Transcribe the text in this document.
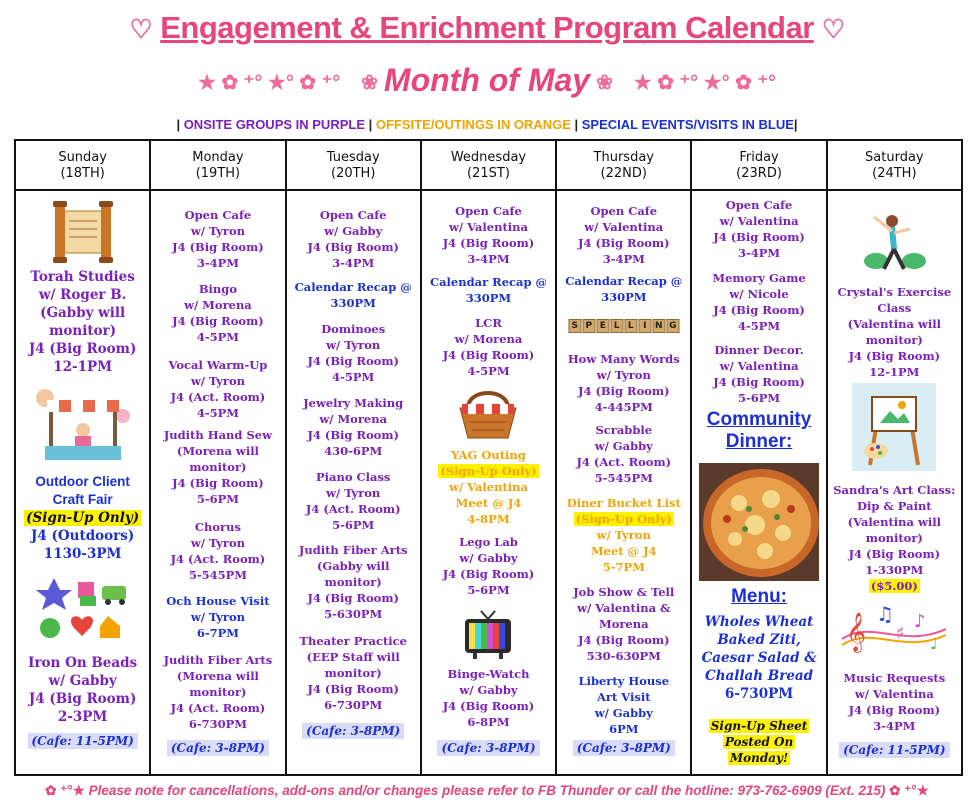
♡ Engagement & Enrichment Program Calendar ♡
★ ✿ ⁺° ★° ✿ ⁺° ❀ Month of May ❀ ★ ✿ ⁺° ★° ✿ ⁺°
| ONSITE GROUPS IN PURPLE | OFFSITE/OUTINGS IN ORANGE | SPECIAL EVENTS/VISITS IN BLUE|
Sunday
(18TH)
Torah Studies
w/ Roger B.
(Gabby will
monitor)
J4 (Big Room)
12-1PM
Outdoor Client
Craft Fair
(Sign-Up Only)
J4 (Outdoors)
1130-3PM
Iron On Beads
w/ Gabby
J4 (Big Room)
2-3PM
(Cafe: 11-5PM)
Monday
(19TH)
Open Cafe
w/ Tyron
J4 (Big Room)
3-4PM
Bingo
w/ Morena
J4 (Big Room)
4-5PM
Vocal Warm-Up
w/ Tyron
J4 (Act. Room)
4-5PM
Judith Hand Sew
(Morena will
monitor)
J4 (Big Room)
5-6PM
Chorus
w/ Tyron
J4 (Act. Room)
5-545PM
Och House Visit
w/ Tyron
6-7PM
Judith Fiber Arts
(Morena will
monitor)
J4 (Act. Room)
6-730PM
(Cafe: 3-8PM)
Tuesday
(20TH)
Open Cafe
w/ Gabby
J4 (Big Room)
3-4PM
Calendar Recap @
330PM
Dominoes
w/ Tyron
J4 (Big Room)
4-5PM
Jewelry Making
w/ Morena
J4 (Big Room)
430-6PM
Piano Class
w/ Tyron
J4 (Act. Room)
5-6PM
Judith Fiber Arts
(Gabby will
monitor)
J4 (Big Room)
5-630PM
Theater Practice
(EEP Staff will
monitor)
J4 (Big Room)
6-730PM
(Cafe: 3-8PM)
Wednesday
(21ST)
Open Cafe
w/ Valentina
J4 (Big Room)
3-4PM
Calendar Recap @
330PM
LCR
w/ Morena
J4 (Big Room)
4-5PM
YAG Outing
(Sign-Up Only)
w/ Valentina
Meet @ J4
4-8PM
Lego Lab
w/ Gabby
J4 (Big Room)
5-6PM
Binge-Watch
w/ Gabby
J4 (Big Room)
6-8PM
(Cafe: 3-8PM)
Thursday
(22ND)
Open Cafe
w/ Valentina
J4 (Big Room)
3-4PM
Calendar Recap @
330PM
S P E L L	I N G
How Many Words
w/ Tyron
J4 (Big Room)
4-445PM
Scrabble
w/ Gabby
J4 (Act. Room)
5-545PM
Diner Bucket List
(Sign-Up Only)
w/ Tyron
Meet @ J4
5-7PM
Job Show & Tell
w/ Valentina &
Morena
J4 (Big Room)
530-630PM
Liberty House
Art Visit
w/ Gabby
6PM
(Cafe: 3-8PM)
Friday
(23RD)
Open Cafe
w/ Valentina
J4 (Big Room)
3-4PM
Memory Game
w/ Nicole
J4 (Big Room)
4-5PM
Dinner Decor.
w/ Valentina
J4 (Big Room)
5-6PM
Community
Dinner:
Menu:
Wholes Wheat
Baked Ziti,
Caesar Salad &
Challah Bread
6-730PM
Sign-Up Sheet
Posted On
Monday!
Saturday
(24TH)
Crystal's Exercise
Class
(Valentina will
monitor)
J4 (Big Room)
12-1PM
Sandra's Art Class:
Dip & Paint
(Valentina will
monitor)
J4 (Big Room)
1-330PM
($5.00)
𝄞 ♫
♯
♪
♩
Music Requests
w/ Valentina
J4 (Big Room)
3-4PM
(Cafe: 11-5PM)
✿ ⁺°★ Please note for cancellations, add-ons and/or changes please refer to FB Thunder or call the hotline: 973-762-6909 (Ext. 215) ✿ ⁺°★
